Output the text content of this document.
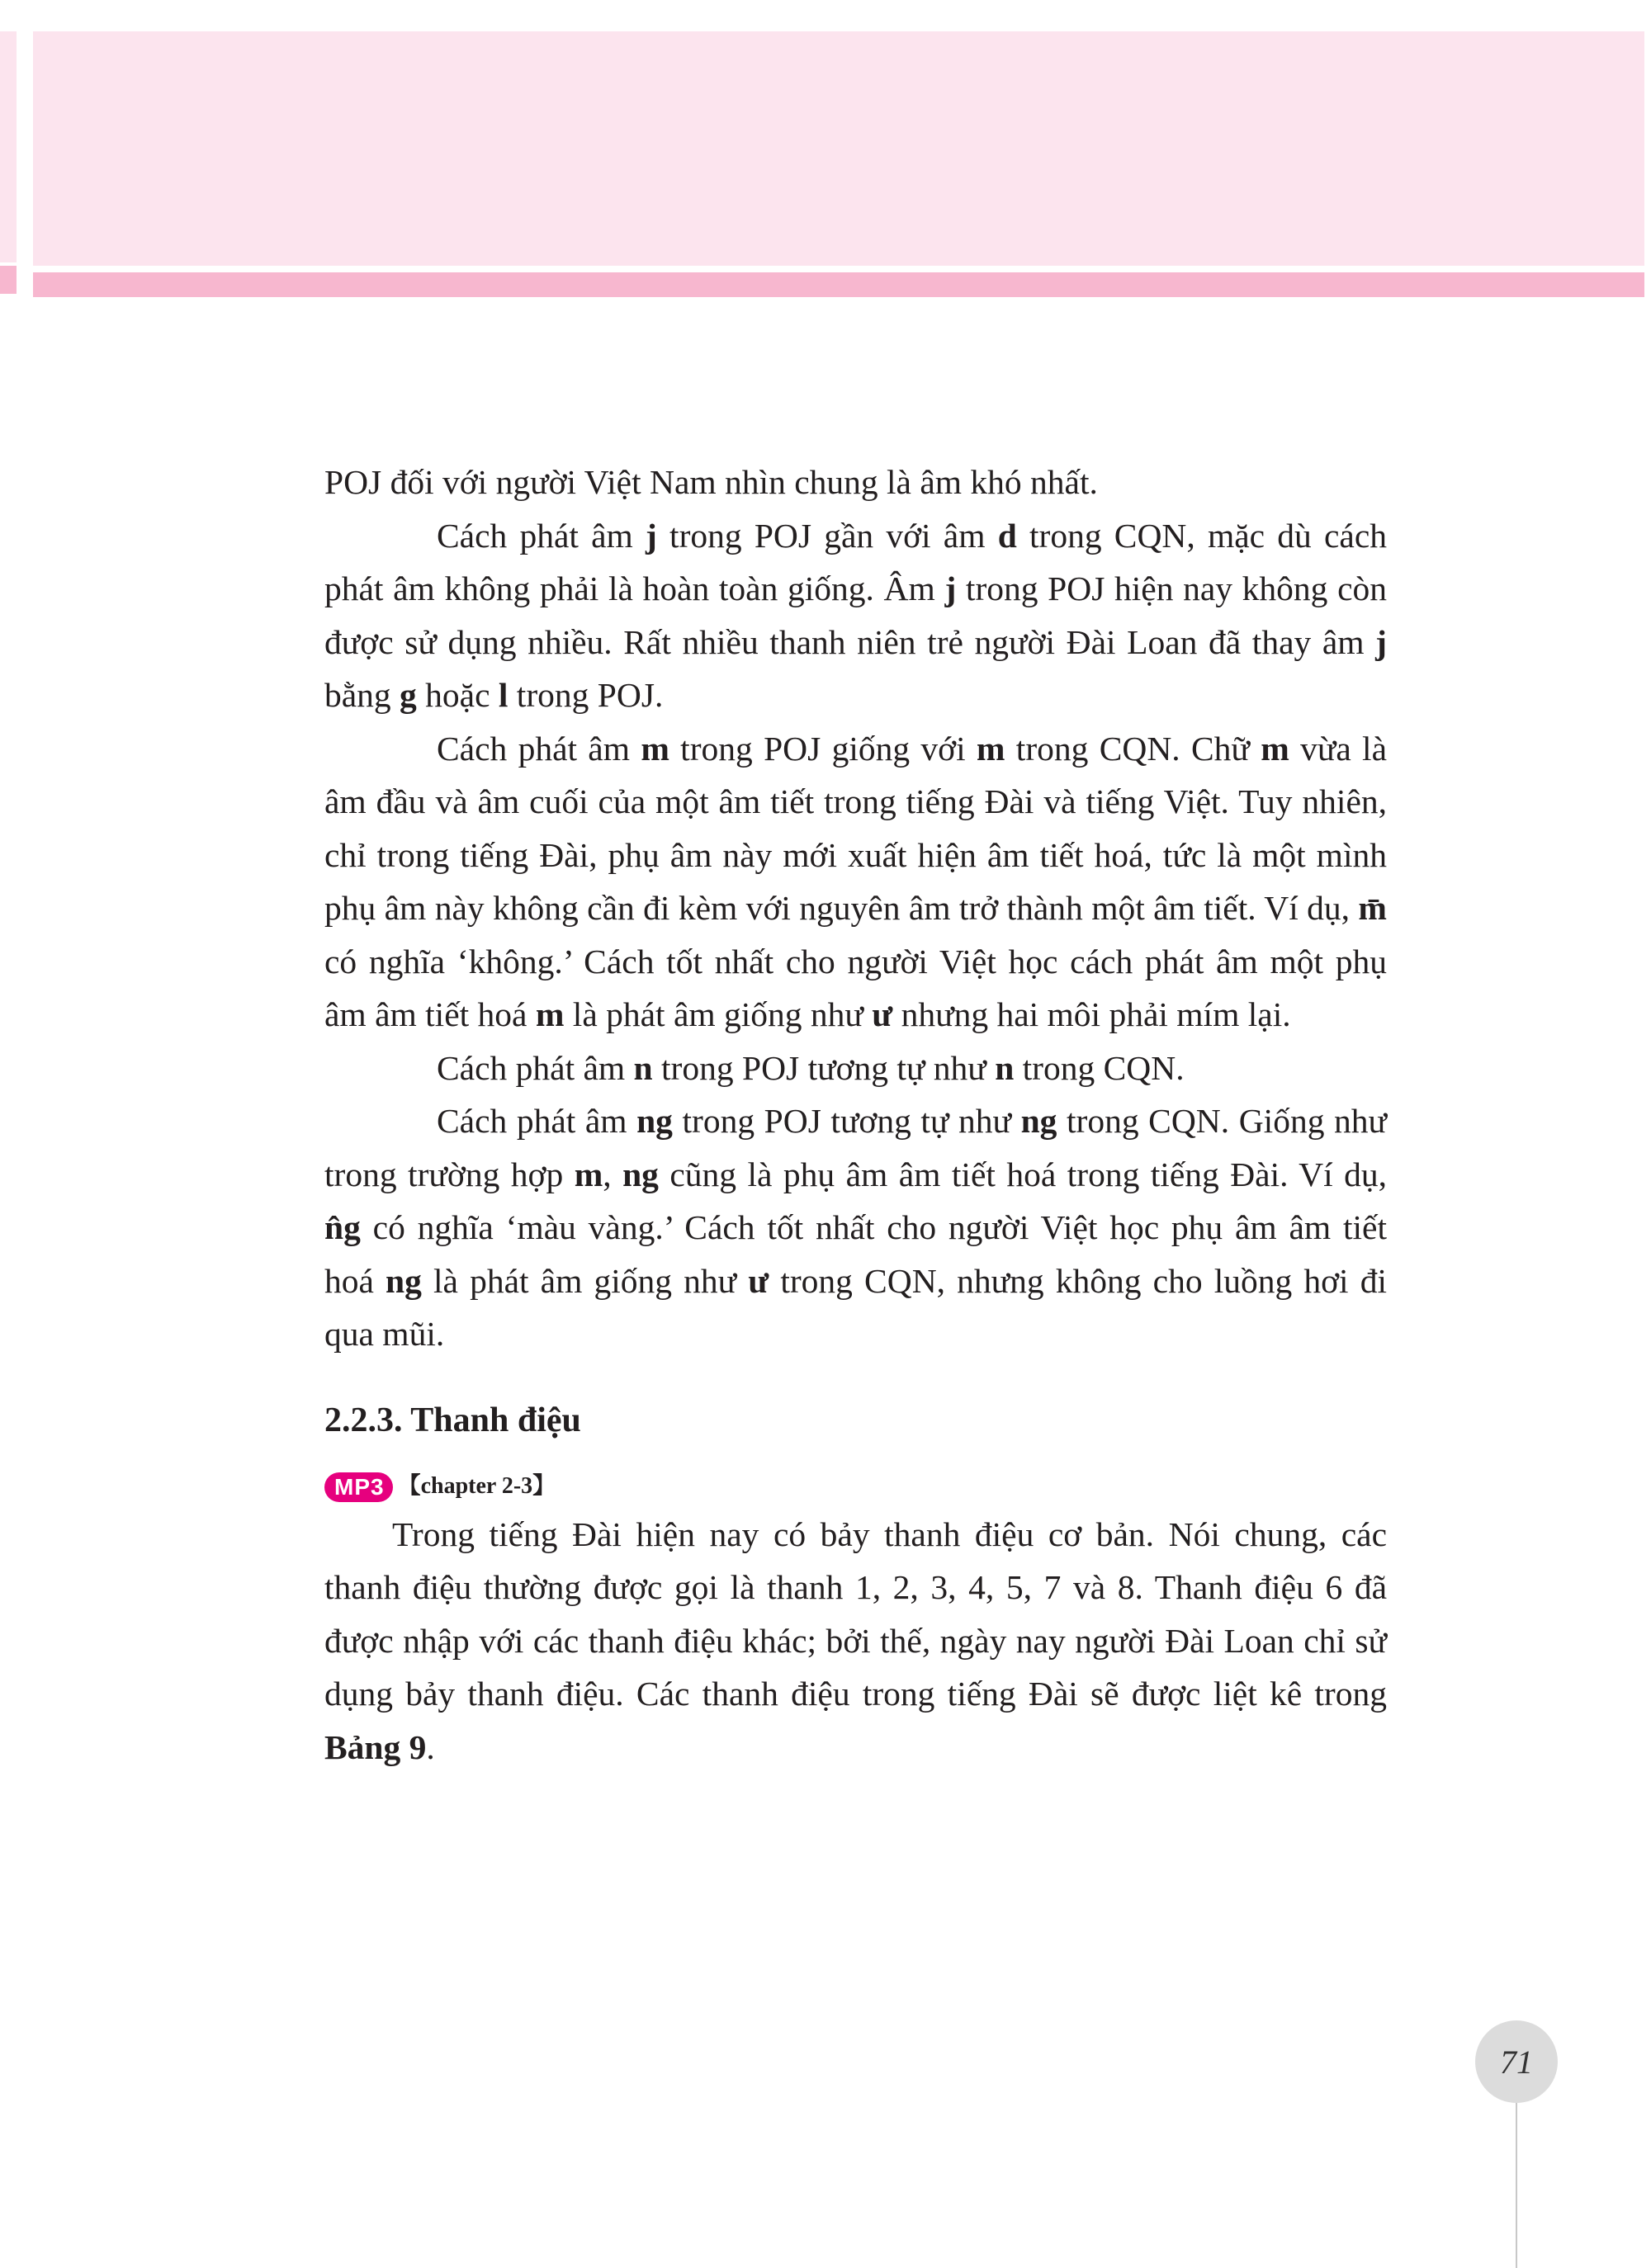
POJ đối với người Việt Nam nhìn chung là âm khó nhất.

Cách phát âm j trong POJ gần với âm d trong CQN, mặc dù cách phát âm không phải là hoàn toàn giống. Âm j trong POJ hiện nay không còn được sử dụng nhiều. Rất nhiều thanh niên trẻ người Đài Loan đã thay âm j bằng g hoặc l trong POJ.

Cách phát âm m trong POJ giống với m trong CQN. Chữ m vừa là âm đầu và âm cuối của một âm tiết trong tiếng Đài và tiếng Việt. Tuy nhiên, chỉ trong tiếng Đài, phụ âm này mới xuất hiện âm tiết hoá, tức là một mình phụ âm này không cần đi kèm với nguyên âm trở thành một âm tiết. Ví dụ, m̄ có nghĩa ‘không.’ Cách tốt nhất cho người Việt học cách phát âm một phụ âm âm tiết hoá m là phát âm giống như ư nhưng hai môi phải mím lại.

Cách phát âm n trong POJ tương tự như n trong CQN.

Cách phát âm ng trong POJ tương tự như ng trong CQN. Giống như trong trường hợp m, ng cũng là phụ âm âm tiết hoá trong tiếng Đài. Ví dụ, n̂g có nghĩa ‘màu vàng.’ Cách tốt nhất cho người Việt học phụ âm âm tiết hoá ng là phát âm giống như ư trong CQN, nhưng không cho luồng hơi đi qua mũi.

2.2.3. Thanh điệu
MP3 【chapter 2-3】

Trong tiếng Đài hiện nay có bảy thanh điệu cơ bản. Nói chung, các thanh điệu thường được gọi là thanh 1, 2, 3, 4, 5, 7 và 8. Thanh điệu 6 đã được nhập với các thanh điệu khác; bởi thế, ngày nay người Đài Loan chỉ sử dụng bảy thanh điệu. Các thanh điệu trong tiếng Đài sẽ được liệt kê trong Bảng 9.

71
